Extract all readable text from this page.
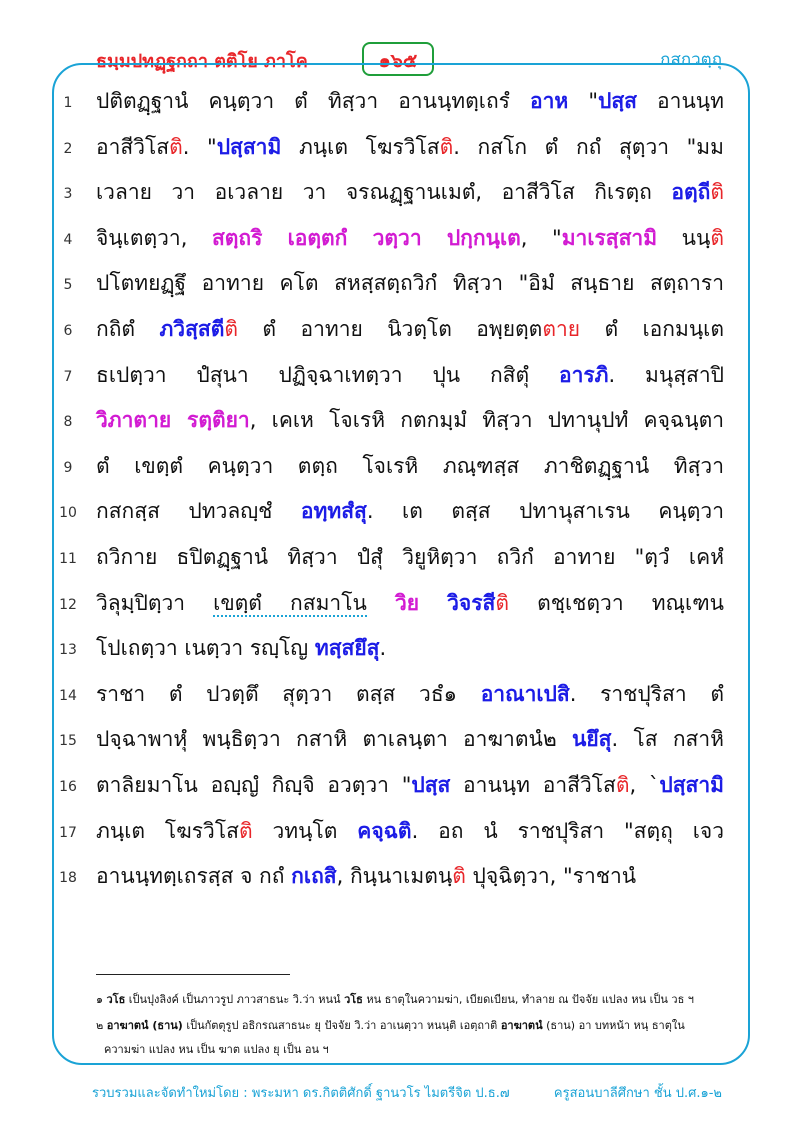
ธมฺมปทฏฺฐกถา ตติโย ภาโค	๑๖๕	กสกวตฺถุ
1	ปติตฏฺฐานํ คนฺตฺวา ตํ ทิสฺวา อานนฺทตฺเถรํ อาห "ปสฺส อานนฺท
2	อาสีวิโสติ. "ปสฺสามิ ภนฺเต โฆรวิโสติ. กสโก ตํ กถํ สุตฺวา "มม
3	เวลาย วา อเวลาย วา จรณฏฺฐานเมตํ, อาสีวิโส กิเรตฺถ อตฺถีติ
4	จินฺเตตฺวา, สตฺถริ เอตฺตกํ วตฺวา ปกฺกนฺเต, "มาเรสฺสามิ นนฺติ
5	ปโตทยฏฺฐึ อาทาย คโต สหสฺสตฺถวิกํ ทิสฺวา "อิมํ สนฺธาย สตฺถารา
6	กถิตํ ภวิสฺสตีติ ตํ อาทาย นิวตฺโต อพฺยตฺตตาย ตํ เอกมนฺเต
7	ธเปตฺวา ปํสุนา ปฏิจฺฉาเทตฺวา ปุน กสิตุํ อารภิ. มนุสฺสาปิ
8	วิภาตาย รตฺติยา, เคเห โจเรหิ กตกมฺมํ ทิสฺวา ปทานุปทํ คจฺฉนฺตา
9	ตํ เขตฺตํ คนฺตฺวา ตตฺถ โจเรหิ ภณฺฑสฺส ภาชิตฏฺฐานํ ทิสฺวา
10 กสกสฺส ปทวลญฺชํ อทฺทสํสุ. เต ตสฺส ปทานุสาเรน คนฺตฺวา
11 ถวิกาย ธปิตฏฺฐานํ ทิสฺวา ปํสุํ วิยูหิตฺวา ถวิกํ อาทาย "ตฺวํ เคหํ
12 วิลุมฺปิตฺวา เขตฺตํ กสมาโน วิย วิจรสีติ ตชฺเชตฺวา ทณฺเฑน
13 โปเถตฺวา เนตฺวา รญฺโญ ทสฺสยึสุ.
14 ราชา ตํ ปวตฺตึ สุตฺวา ตสฺส วธํ๑ อาณาเปสิ. ราชปุริสา ตํ
15 ปจฺฉาพาหุํ พนฺธิตฺวา กสาหิ ตาเลนฺตา อาฆาตนํ๒ นยึสุ. โส กสาหิ
16 ตาลิยมาโน อญฺญํ กิญฺจิ อวตฺวา "ปสฺส อานนฺท อาสีวิโสติ, `ปสฺสามิ
17 ภนฺเต โฆรวิโสติ วทนฺโต คจฺฉติ. อถ นํ ราชปุริสา "สตฺถุ เจว
18 อานนฺทตฺเถรสฺส จ กถํ กเถสิ, กินฺนาเมตนฺติ ปุจฺฉิตฺวา, "ราชานํ
๑ วโธ เป็นปุงลิงค์ เป็นภาวรูป ภาวสาธนะ วิ.ว่า หนนํ วโธ หน ธาตุในความฆ่า, เบียดเบียน, ทำลาย ณ ปัจจัย แปลง หน เป็น วธ ฯ
๒ อาฆาตนํ (ธาน) เป็นกัตตุรูป อธิกรณสาธนะ ยุ ปัจจัย วิ.ว่า อาเนตฺวา หนนฺติ เอตฺถาติ อาฆาตนํ (ธาน) อา บทหน้า หนฺ ธาตุใน
ความฆ่า แปลง หน เป็น ฆาต แปลง ยุ เป็น อน ฯ
รวบรวมและจัดทำใหม่โดย : พระมหา ดร.กิตติศักดิ์ ฐานวโร ไมตรีจิต ป.ธ.๗	ครูสอนบาลีศึกษา ชั้น ป.ศ.๑-๒
